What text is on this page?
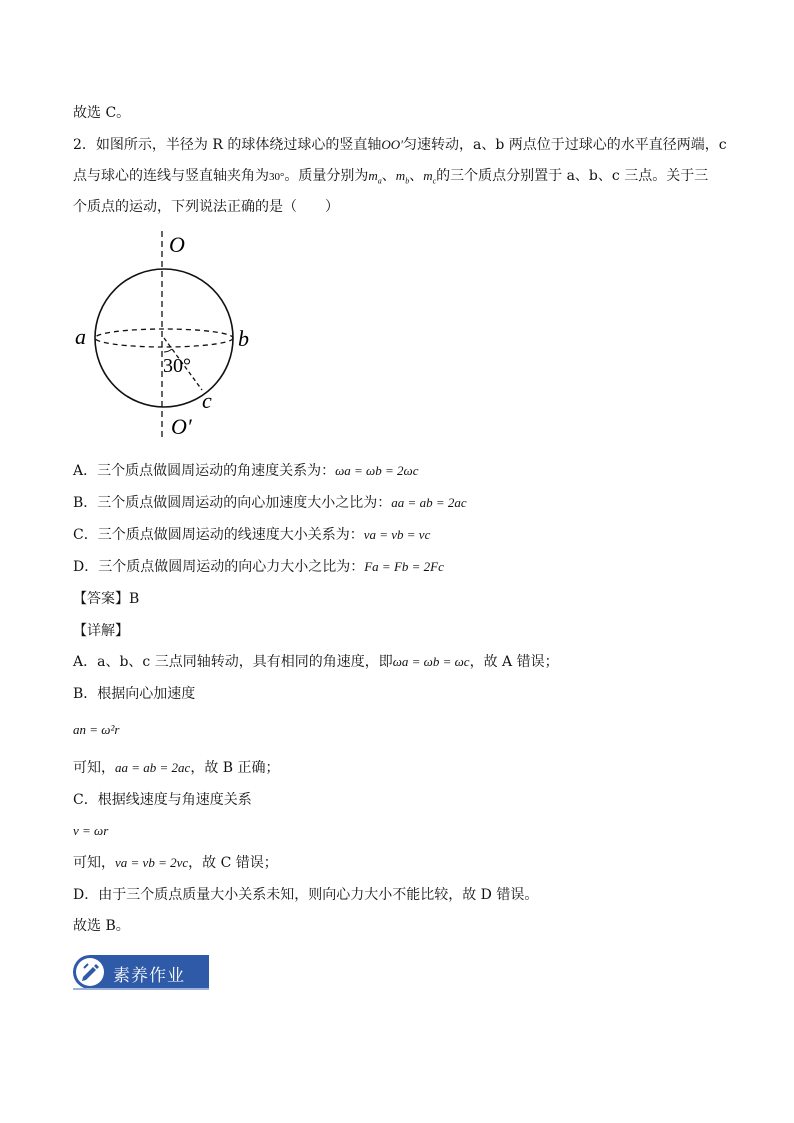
故选 C。
2．如图所示，半径为 R 的球体绕过球心的竖直轴OO′匀速转动，a、b 两点位于过球心的水平直径两端，c
点与球心的连线与竖直轴夹角为30°。质量分别为$m_a$、$m_b$、$m_c$的三个质点分别置于 a、b、c 三点。关于三
个质点的运动，下列说法正确的是（　　）
O
a	b
30°
c
O′
A．三个质点做圆周运动的角速度关系为：ωa = ωb = 2ωc
B．三个质点做圆周运动的向心加速度大小之比为：aa = ab = 2ac
C．三个质点做圆周运动的线速度大小关系为：va = vb = vc
D．三个质点做圆周运动的向心力大小之比为：Fa = Fb = 2Fc
【答案】B
【详解】
A．a、b、c 三点同轴转动，具有相同的角速度，即ωa = ωb = ωc，故 A 错误；
B．根据向心加速度
an = ω²r
可知，aa = ab = 2ac，故 B 正确；
C．根据线速度与角速度关系
v = ωr
可知，va = vb = 2vc，故 C 错误；
D．由于三个质点质量大小关系未知，则向心力大小不能比较，故 D 错误。
故选 B。
素养作业
